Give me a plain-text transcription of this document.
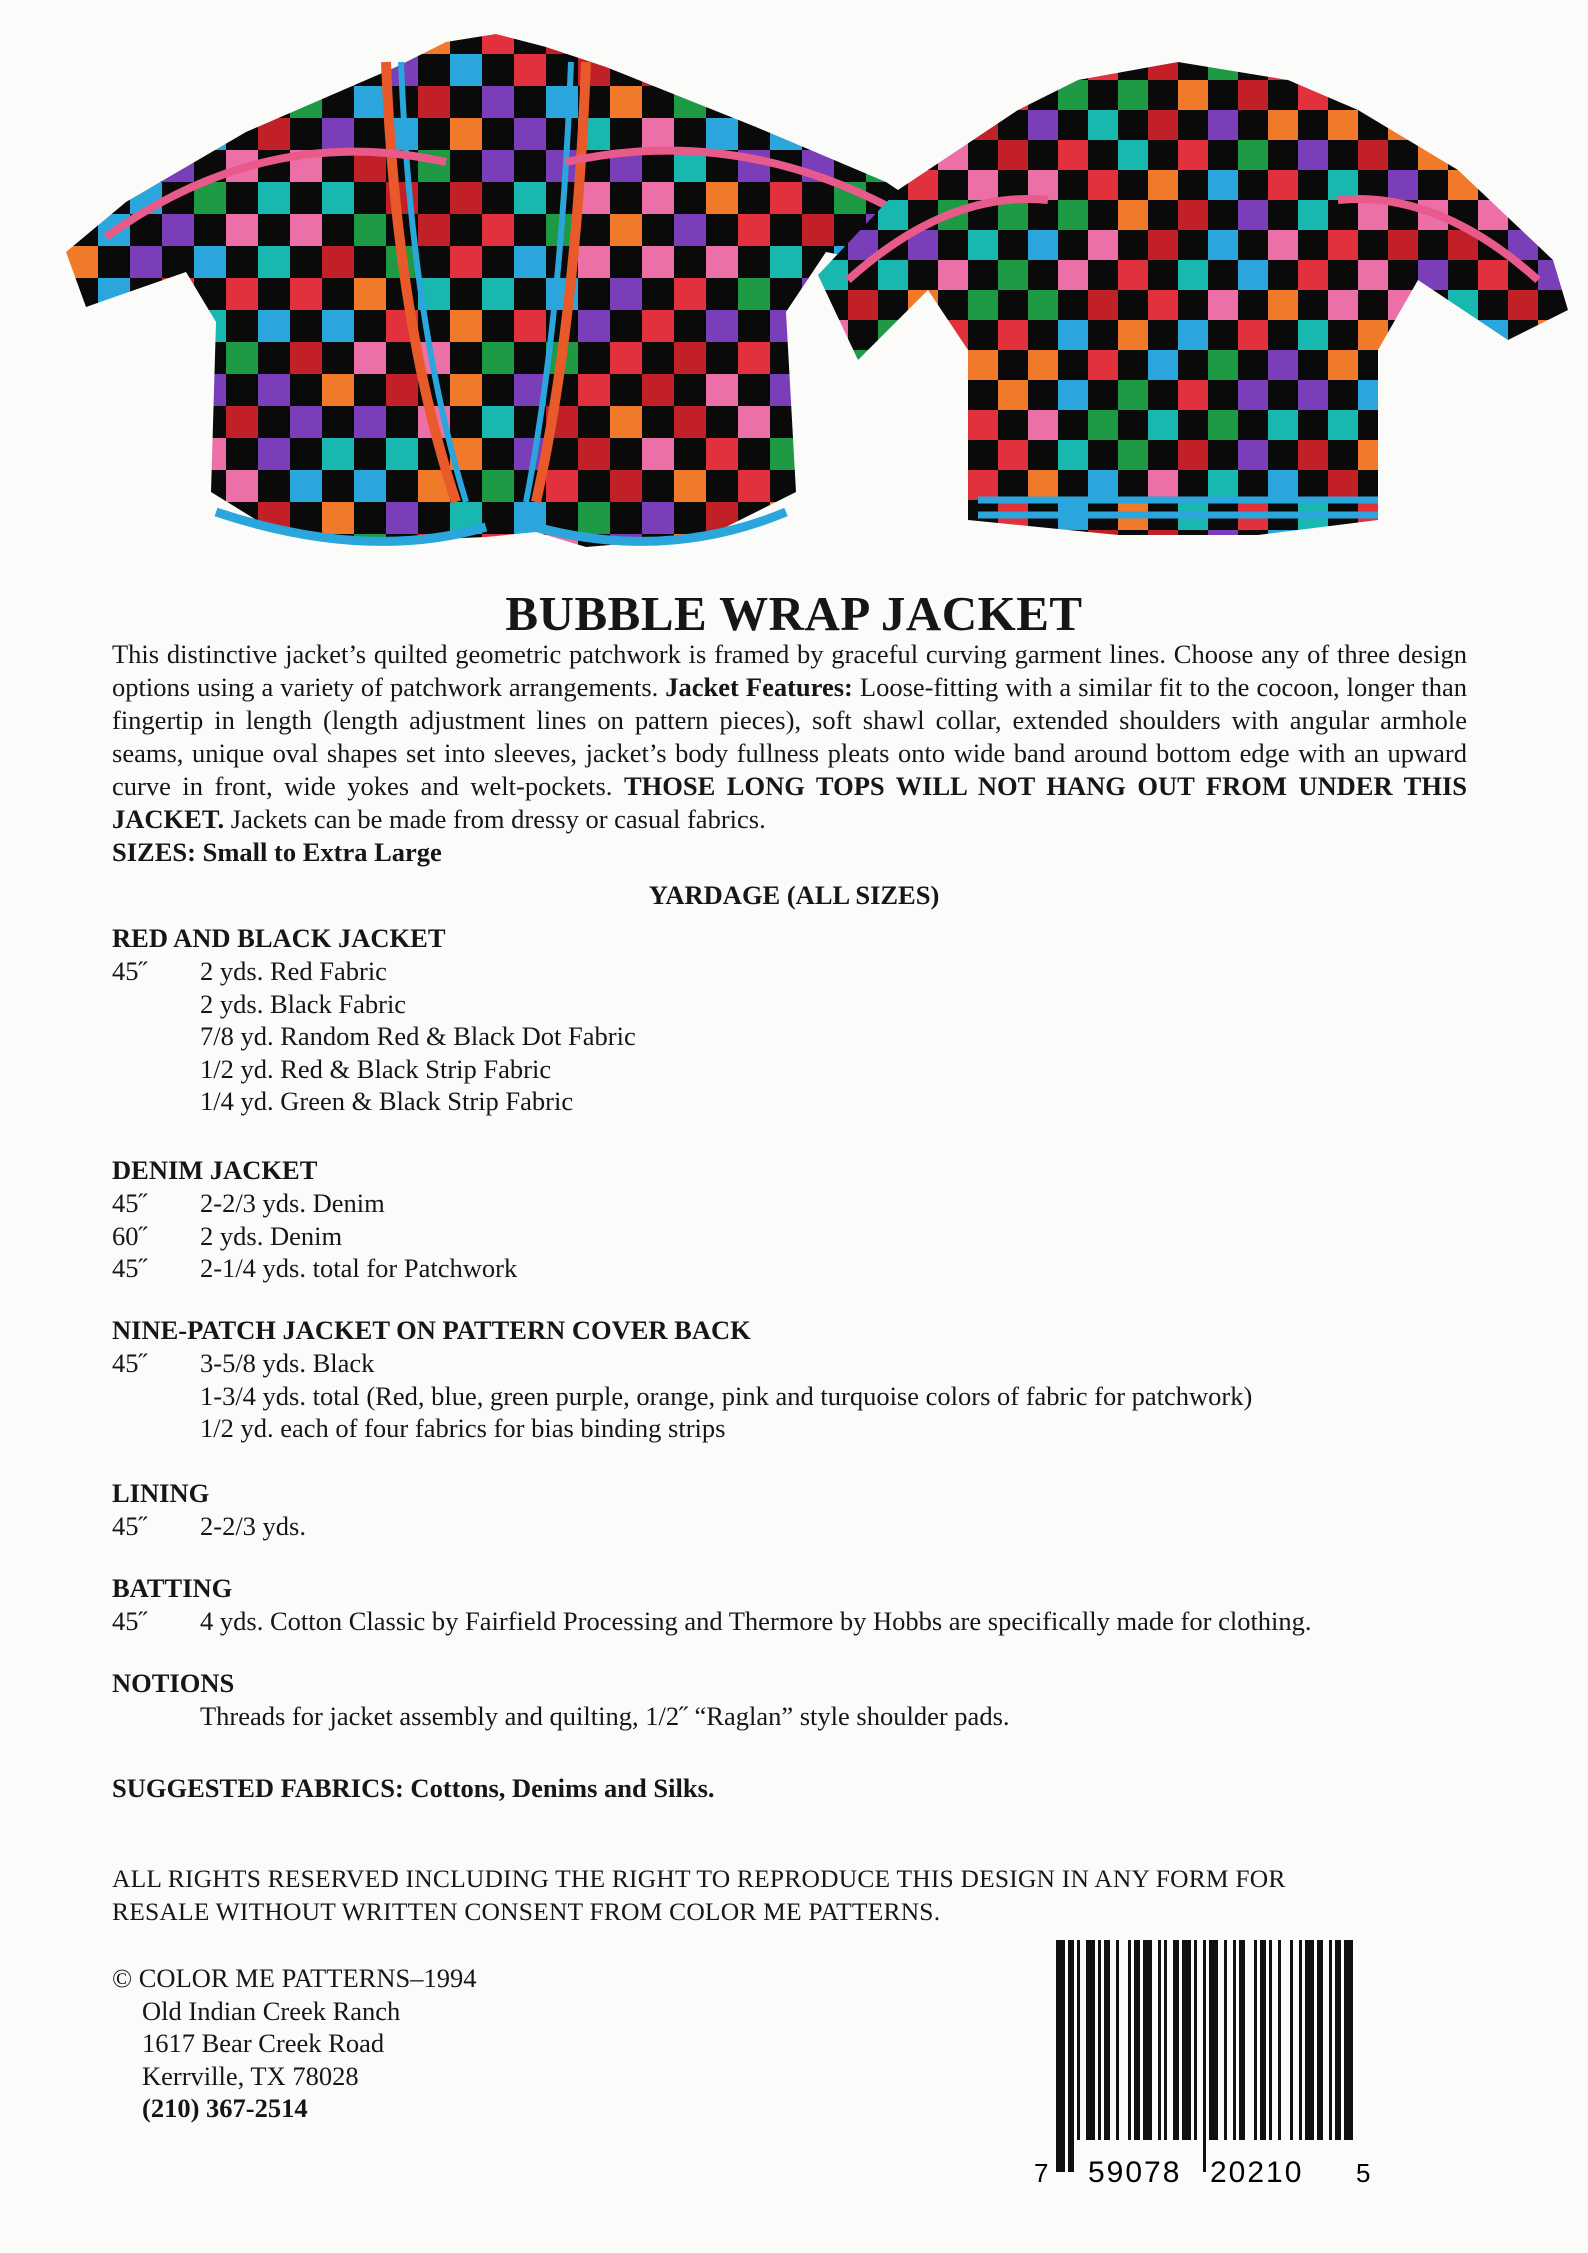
BUBBLE WRAP JACKET

This distinctive jacket’s quilted geometric patchwork is framed by graceful curving garment lines. Choose any of three design options using a variety of patchwork arrangements. Jacket Features: Loose-fitting with a similar fit to the cocoon, longer than fingertip in length (length adjustment lines on pattern pieces), soft shawl collar, extended shoulders with angular armhole seams, unique oval shapes set into sleeves, jacket’s body fullness pleats onto wide band around bottom edge with an upward curve in front, wide yokes and welt-pockets. THOSE LONG TOPS WILL NOT HANG OUT FROM UNDER THIS JACKET. Jackets can be made from dressy or casual fabrics.
SIZES: Small to Extra Large

YARDAGE (ALL SIZES)
RED AND BLACK JACKET
45˝ 2 yds. Red Fabric
2 yds. Black Fabric
7/8 yd. Random Red & Black Dot Fabric
1/2 yd. Red & Black Strip Fabric
1/4 yd. Green & Black Strip Fabric
DENIM JACKET
45˝ 2-2/3 yds. Denim
60˝ 2 yds. Denim
45˝ 2-1/4 yds. total for Patchwork
NINE-PATCH JACKET ON PATTERN COVER BACK
45˝ 3-5/8 yds. Black
1-3/4 yds. total (Red, blue, green purple, orange, pink and turquoise colors of fabric for patchwork)
1/2 yd. each of four fabrics for bias binding strips
LINING
45˝ 2-2/3 yds.
BATTING
45˝ 4 yds. Cotton Classic by Fairfield Processing and Thermore by Hobbs are specifically made for clothing.
NOTIONS
Threads for jacket assembly and quilting, 1/2˝ “Raglan” style shoulder pads.
SUGGESTED FABRICS: Cottons, Denims and Silks.
ALL RIGHTS RESERVED INCLUDING THE RIGHT TO REPRODUCE THIS DESIGN IN ANY FORM FOR
RESALE WITHOUT WRITTEN CONSENT FROM COLOR ME PATTERNS.
© COLOR ME PATTERNS–1994
Old Indian Creek Ranch
1617 Bear Creek Road
Kerrville, TX 78028
(210) 367-2514
7 59078 20210 5
